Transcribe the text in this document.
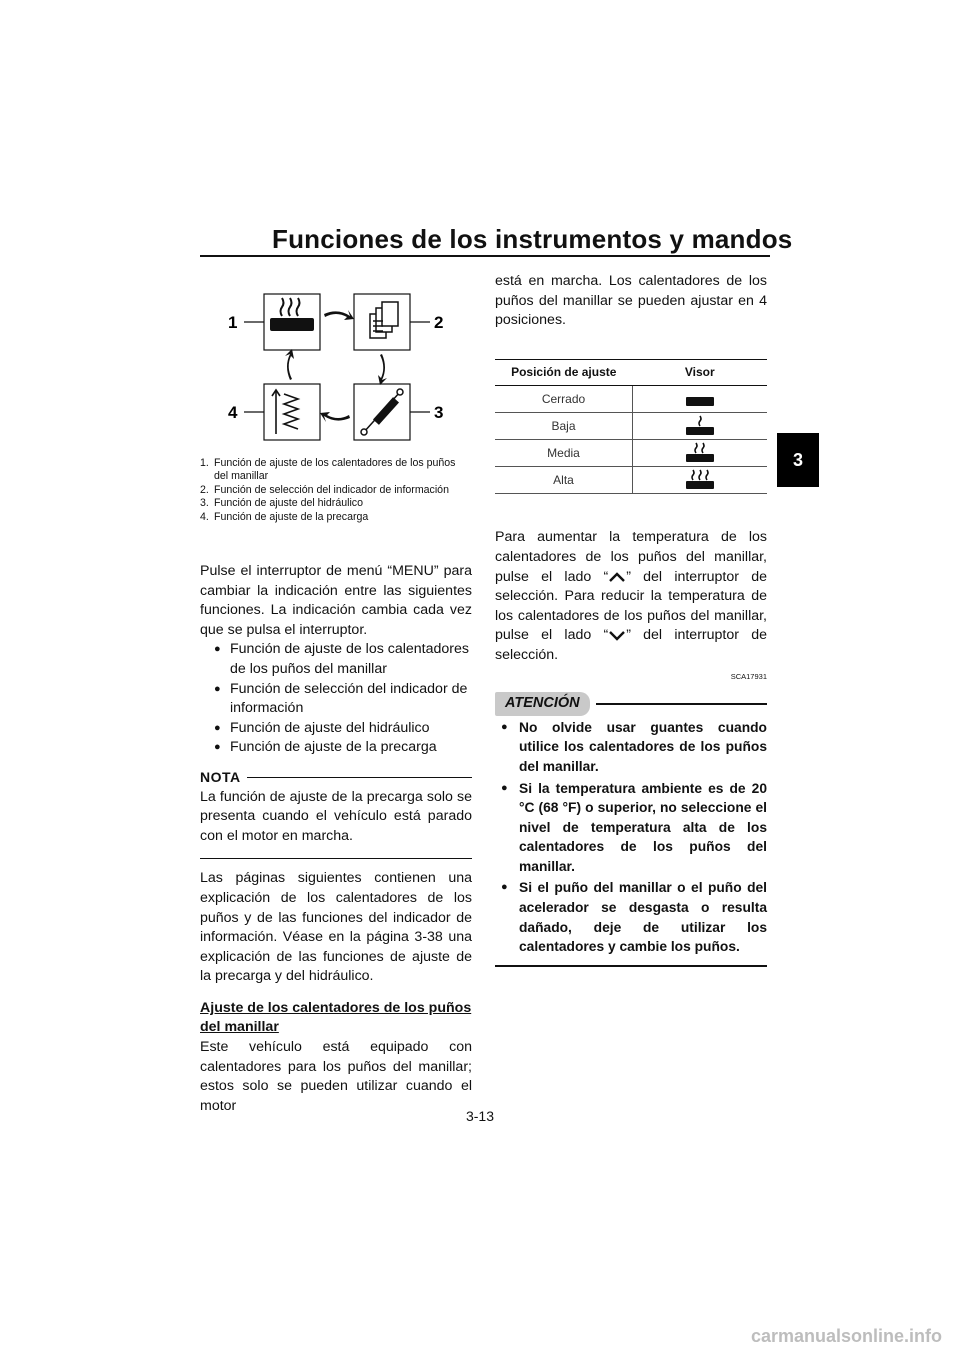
Funciones de los instrumentos y mandos
3
1	2
3
4
1. Función de ajuste de los calentadores de los puños del manillar
2. Función de selección del indicador de información
3. Función de ajuste del hidráulico
4. Función de ajuste de la precarga

Pulse el interruptor de menú “MENU” para cambiar la indicación entre las siguientes funciones. La indicación cambia cada vez que se pulsa el interruptor.

● Función de ajuste de los calentadores de los puños del manillar
● Función de selección del indicador de información
● Función de ajuste del hidráulico
● Función de ajuste de la precarga
NOTA

La función de ajuste de la precarga solo se presenta cuando el vehículo está parado con el motor en marcha.

Las páginas siguientes contienen una explicación de los calentadores de los puños y de las funciones del indicador de información. Véase en la página 3-38 una explicación de las funciones de ajuste de la precarga y del hidráulico.

Ajuste de los calentadores de los puños del manillar

Este vehículo está equipado con calentadores para los puños del manillar; estos solo se pueden utilizar cuando el motor

está en marcha. Los calentadores de los puños del manillar se pueden ajustar en 4 posiciones.

Posición de ajuste	Visor
Cerrado	
Baja	
Media	
Alta	

Para aumentar la temperatura de los calentadores de los puños del manillar, pulse el lado “ ” del interruptor de selección. Para reducir la temperatura de los calentadores de los puños del manillar, pulse el lado “ ” del interruptor de selección.

SCA17931
ATENCIÓN
● No olvide usar guantes cuando utilice los calentadores de los puños del manillar.
● Si la temperatura ambiente es de 20 °C (68 °F) o superior, no seleccione el nivel de temperatura alta de los calentadores de los puños del manillar.
● Si el puño del manillar o el puño del acelerador se desgasta o resulta dañado, deje de utilizar los calentadores y cambie los puños.
3-13
carmanualsonline.info
